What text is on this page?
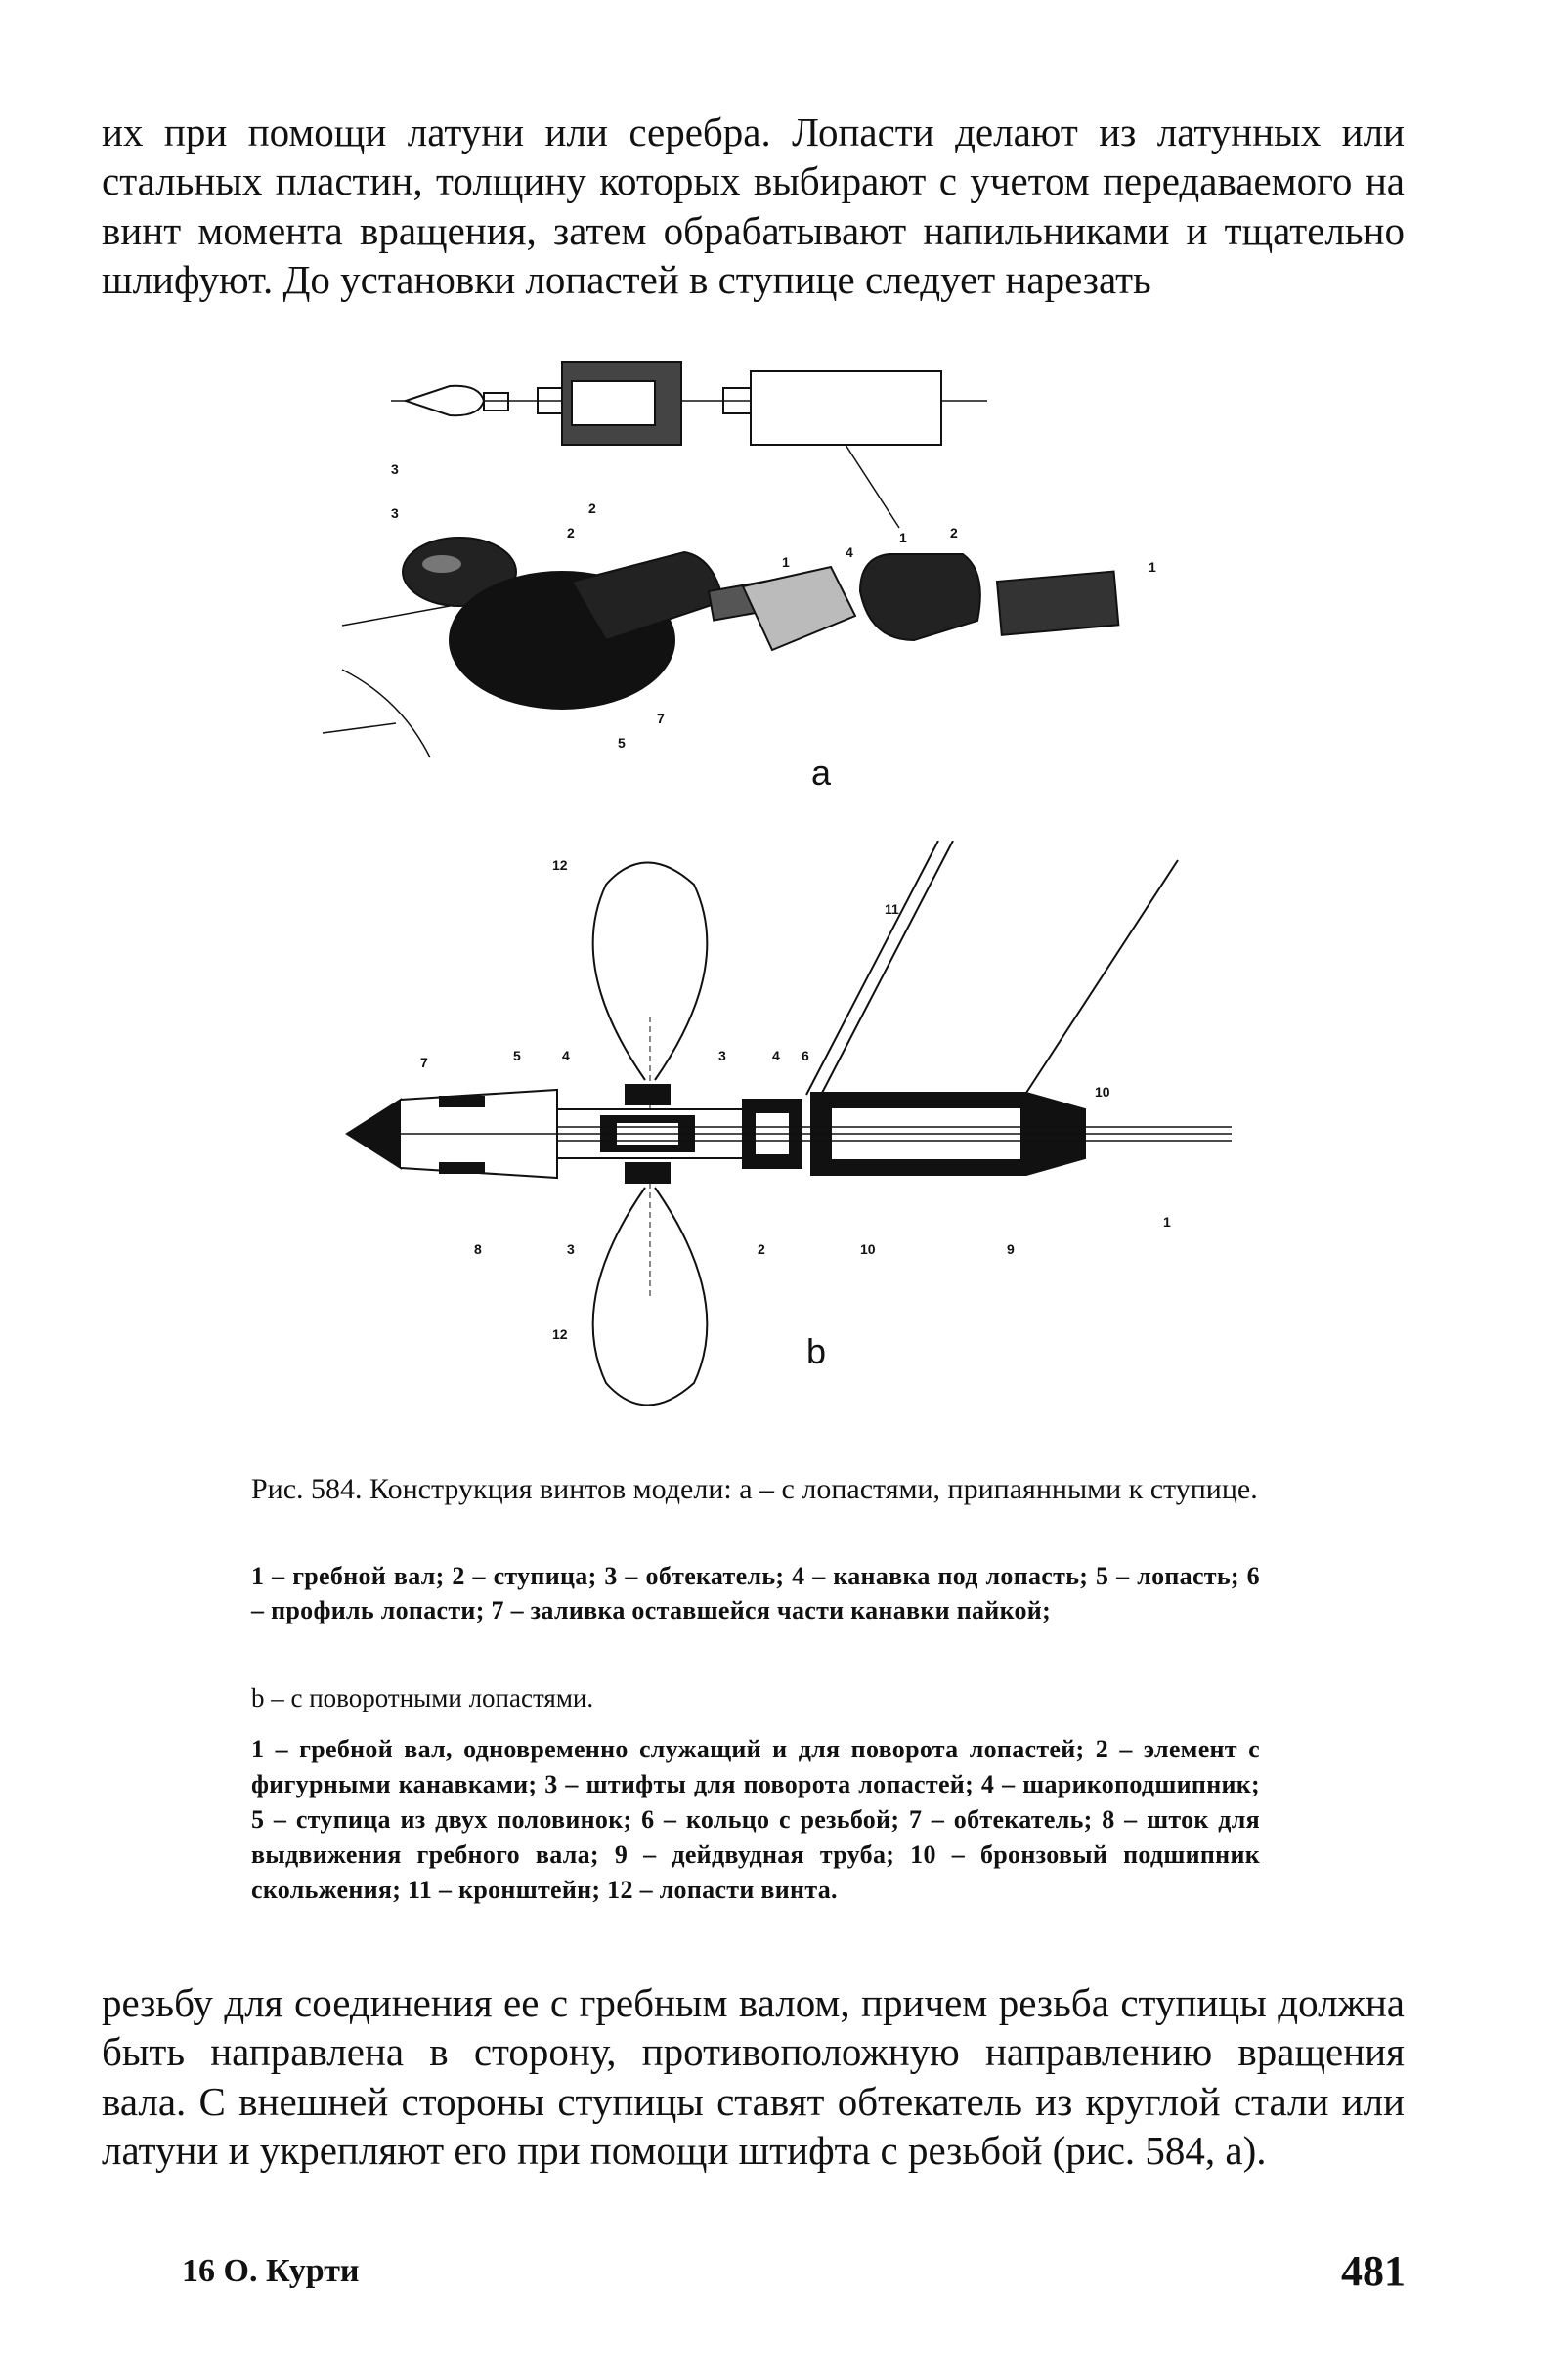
их при помощи латуни или серебра. Лопасти делают из латунных или стальных пластин, толщину которых выбирают с учетом передаваемого на винт момента вращения, затем обрабатывают напильниками и тщательно шлифуют. До установки лопастей в ступице следует нарезать
3
3	2
2	1
4
2
1	1
5
7
a
12
11
5	4	3	4 6
7
10
8	3	2	10	9
1
12	b
Рис. 584. Конструкция винтов модели: а – с лопастями, припаянными к ступице.
1 – гребной вал; 2 – ступица; 3 – обтекатель; 4 – канавка под лопасть; 5 – лопасть; 6 – профиль лопасти; 7 – заливка оставшейся части канавки пайкой;
b – с поворотными лопастями.
1 – гребной вал, одновременно служащий и для поворота лопастей; 2 – элемент с фигурными канавками; 3 – штифты для поворота лопастей; 4 – шарикоподшипник; 5 – ступица из двух половинок; 6 – кольцо с резьбой; 7 – обтекатель; 8 – шток для выдвижения гребного вала; 9 – дейдвудная труба; 10 – бронзовый подшипник скольжения; 11 – кронштейн; 12 – лопасти винта.
резьбу для соединения ее с гребным валом, причем резьба ступицы должна быть направлена в сторону, противоположную направлению вращения вала. С внешней стороны ступицы ставят обтекатель из круглой стали или латуни и укрепляют его при помощи штифта с резьбой (рис. 584, а).
16 О. Курти	481
